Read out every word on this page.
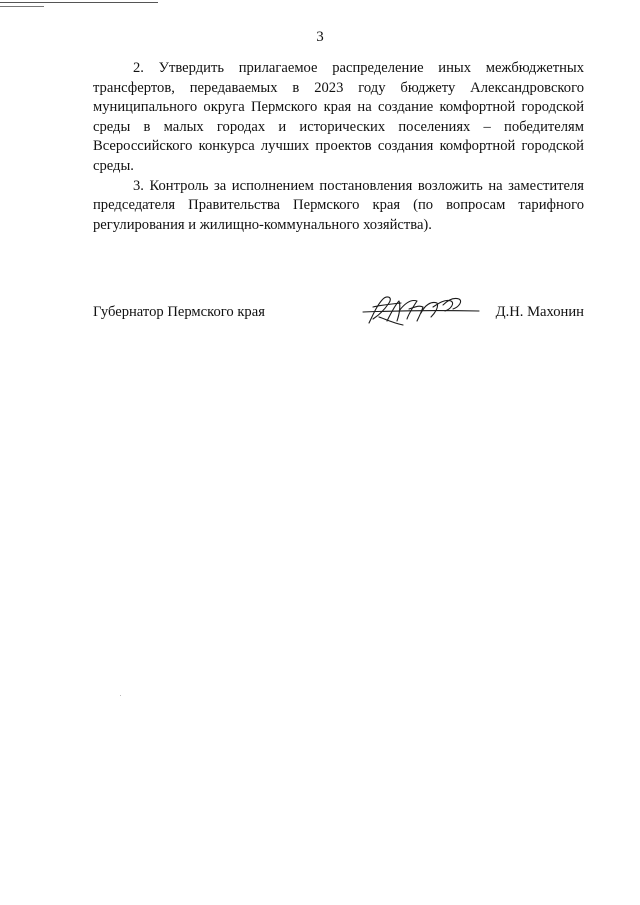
3

2. Утвердить прилагаемое распределение иных межбюджетных трансфертов, передаваемых в 2023 году бюджету Александровского муниципального округа Пермского края на создание комфортной городской среды в малых городах и исторических поселениях – победителям Всероссийского конкурса лучших проектов создания комфортной городской среды.

3. Контроль за исполнением постановления возложить на заместителя председателя Правительства Пермского края (по вопросам тарифного регулирования и жилищно-коммунального хозяйства).

Губернатор Пермского края	Д.Н. Махонин
